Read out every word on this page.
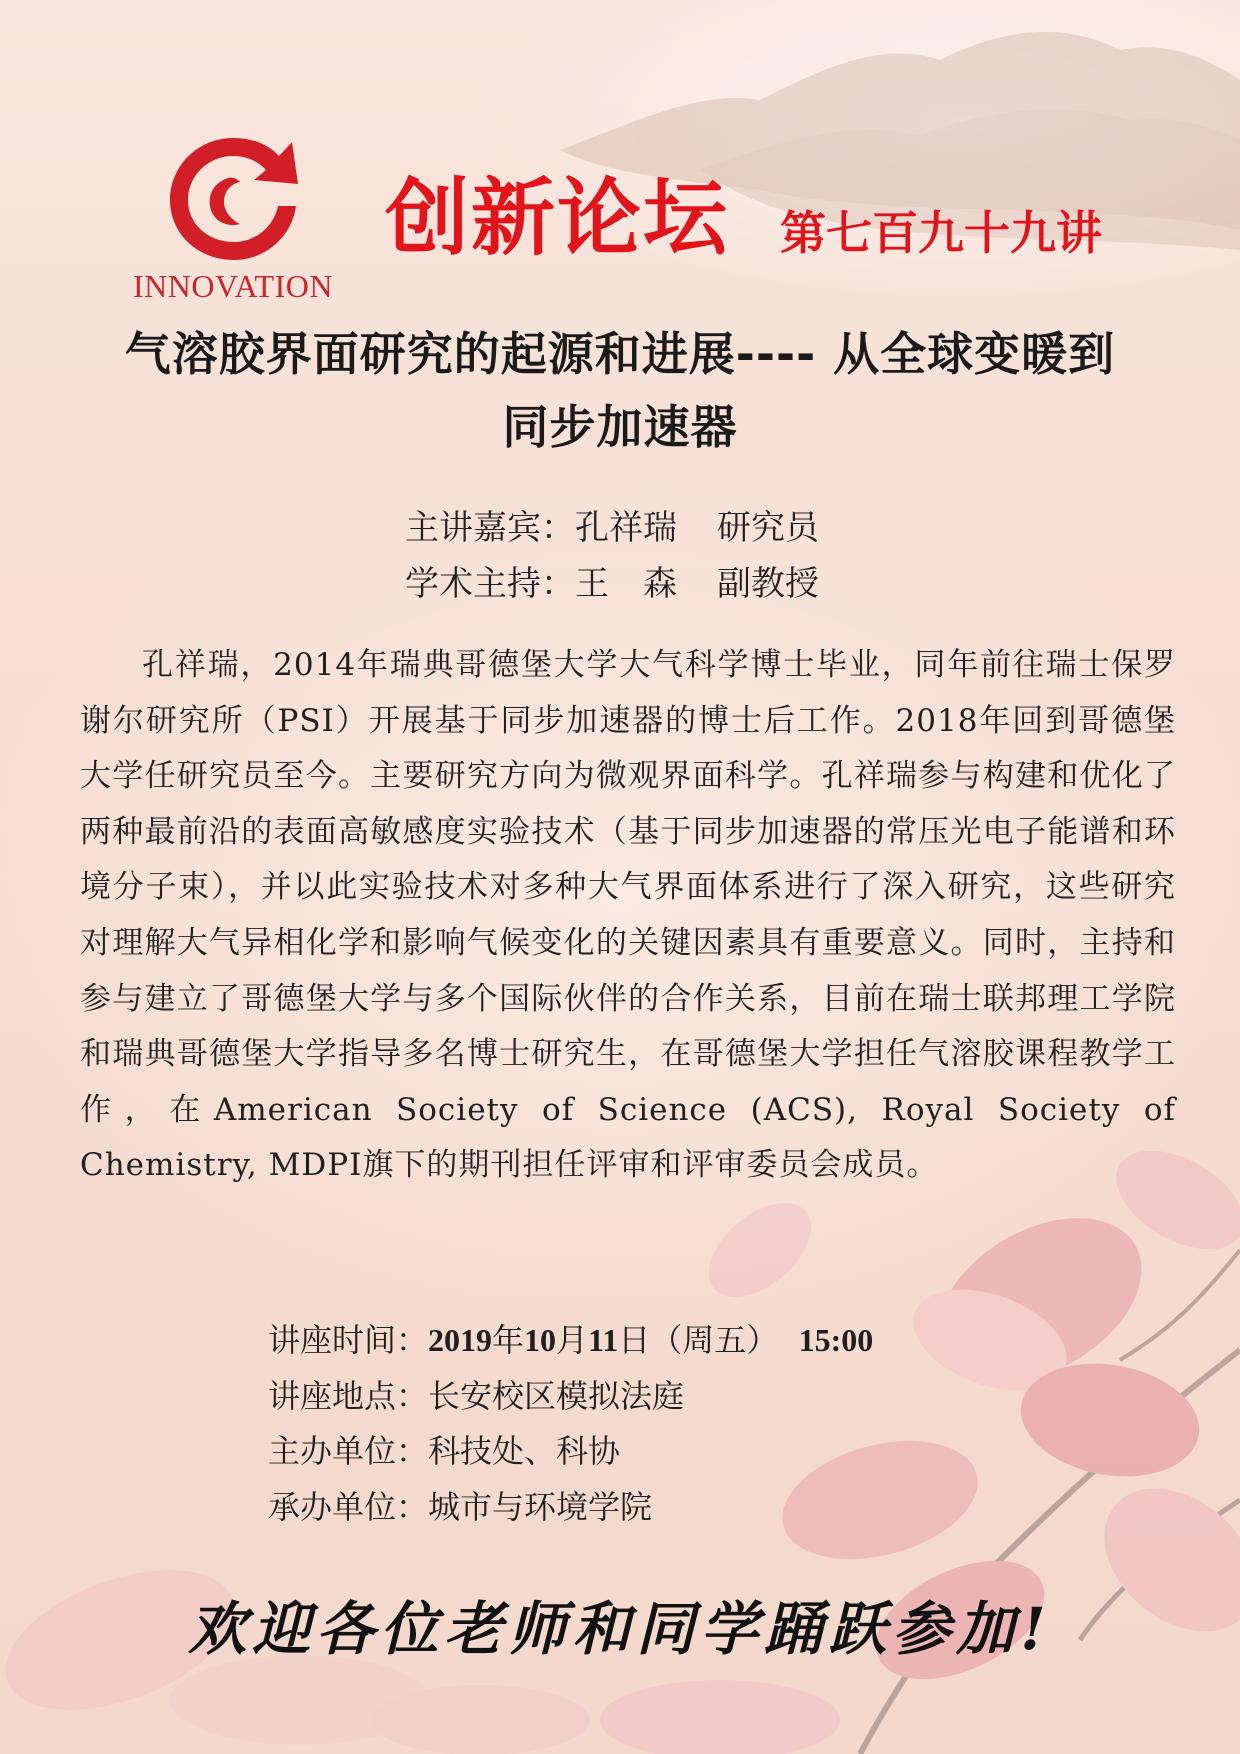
INNOVATION
创新论坛 第七百九十九讲
气溶胶界面研究的起源和进展---- 从全球变暖到
同步加速器
主讲嘉宾：孔祥瑞 研究员
学术主持：王　森 副教授
孔祥瑞，2014年瑞典哥德堡大学大气科学博士毕业，同年前往瑞士保罗谢尔研究所（PSI）开展基于同步加速器的博士后工作。2018年回到哥德堡大学任研究员至今。主要研究方向为微观界面科学。孔祥瑞参与构建和优化了两种最前沿的表面高敏感度实验技术（基于同步加速器的常压光电子能谱和环境分子束），并以此实验技术对多种大气界面体系进行了深入研究，这些研究对理解大气异相化学和影响气候变化的关键因素具有重要意义。同时，主持和参与建立了哥德堡大学与多个国际伙伴的合作关系，目前在瑞士联邦理工学院和瑞典哥德堡大学指导多名博士研究生，在哥德堡大学担任气溶胶课程教学工作，在American Society of Science (ACS), Royal Society of Chemistry, MDPI旗下的期刊担任评审和评审委员会成员。
讲座时间：2019年10月11日（周五） 15:00
讲座地点：长安校区模拟法庭
主办单位：科技处、科协
承办单位：城市与环境学院
欢迎各位老师和同学踊跃参加!
